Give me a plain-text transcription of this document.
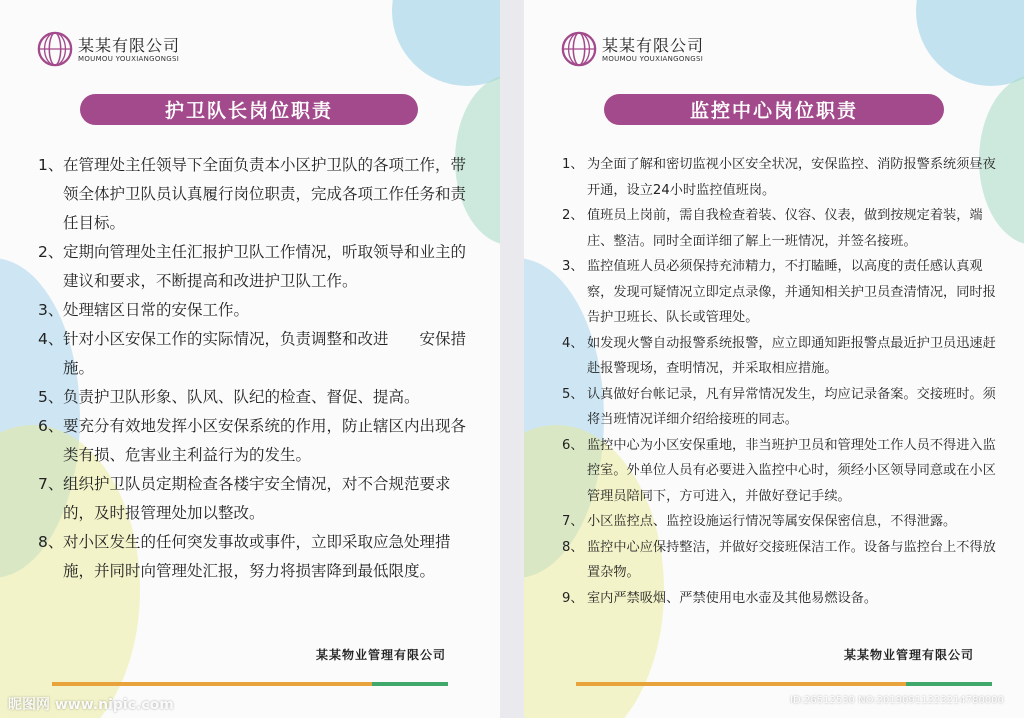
某某有限公司
MOUMOU YOUXIANGONGSI
护卫队长岗位职责
1、 在管理处主任领导下全面负责本小区护卫队的各项工作，带领全体护卫队员认真履行岗位职责，完成各项工作任务和责任目标。
2、 定期向管理处主任汇报护卫队工作情况，听取领导和业主的建议和要求，不断提高和改进护卫队工作。
3、 处理辖区日常的安保工作。
4、 针对小区安保工作的实际情况，负责调整和改进　　安保措施。
5、 负责护卫队形象、队风、队纪的检查、督促、提高。
6、 要充分有效地发挥小区安保系统的作用，防止辖区内出现各类有损、危害业主利益行为的发生。
7、 组织护卫队员定期检查各楼宇安全情况，对不合规范要求的，及时报管理处加以整改。
8、 对小区发生的任何突发事故或事件，立即采取应急处理措施，并同时向管理处汇报，努力将损害降到最低限度。
某某物业管理有限公司
某某有限公司
MOUMOU YOUXIANGONGSI
监控中心岗位职责
1、 为全面了解和密切监视小区安全状况，安保监控、消防报警系统须昼夜开通，设立24小时监控值班岗。
2、 值班员上岗前，需自我检查着装、仪容、仪表，做到按规定着装，端庄、整洁。同时全面详细了解上一班情况，并签名接班。
3、 监控值班人员必须保持充沛精力，不打瞌睡，以高度的责任感认真观察，发现可疑情况立即定点录像，并通知相关护卫员查清情况，同时报告护卫班长、队长或管理处。
4、 如发现火警自动报警系统报警，应立即通知距报警点最近护卫员迅速赶赴报警现场，查明情况，并采取相应措施。
5、 认真做好台帐记录，凡有异常情况发生，均应记录备案。交接班时。须将当班情况详细介绍给接班的同志。
6、 监控中心为小区安保重地，非当班护卫员和管理处工作人员不得进入监控室。外单位人员有必要进入监控中心时，须经小区领导同意或在小区管理员陪同下，方可进入，并做好登记手续。
7、 小区监控点、监控设施运行情况等属安保保密信息，不得泄露。
8、 监控中心应保持整洁，并做好交接班保洁工作。设备与监控台上不得放置杂物。
9、 室内严禁吸烟、严禁使用电水壶及其他易燃设备。
某某物业管理有限公司
昵图网 www.nipic.com	ID:26512530 NO:20190911223214780000
